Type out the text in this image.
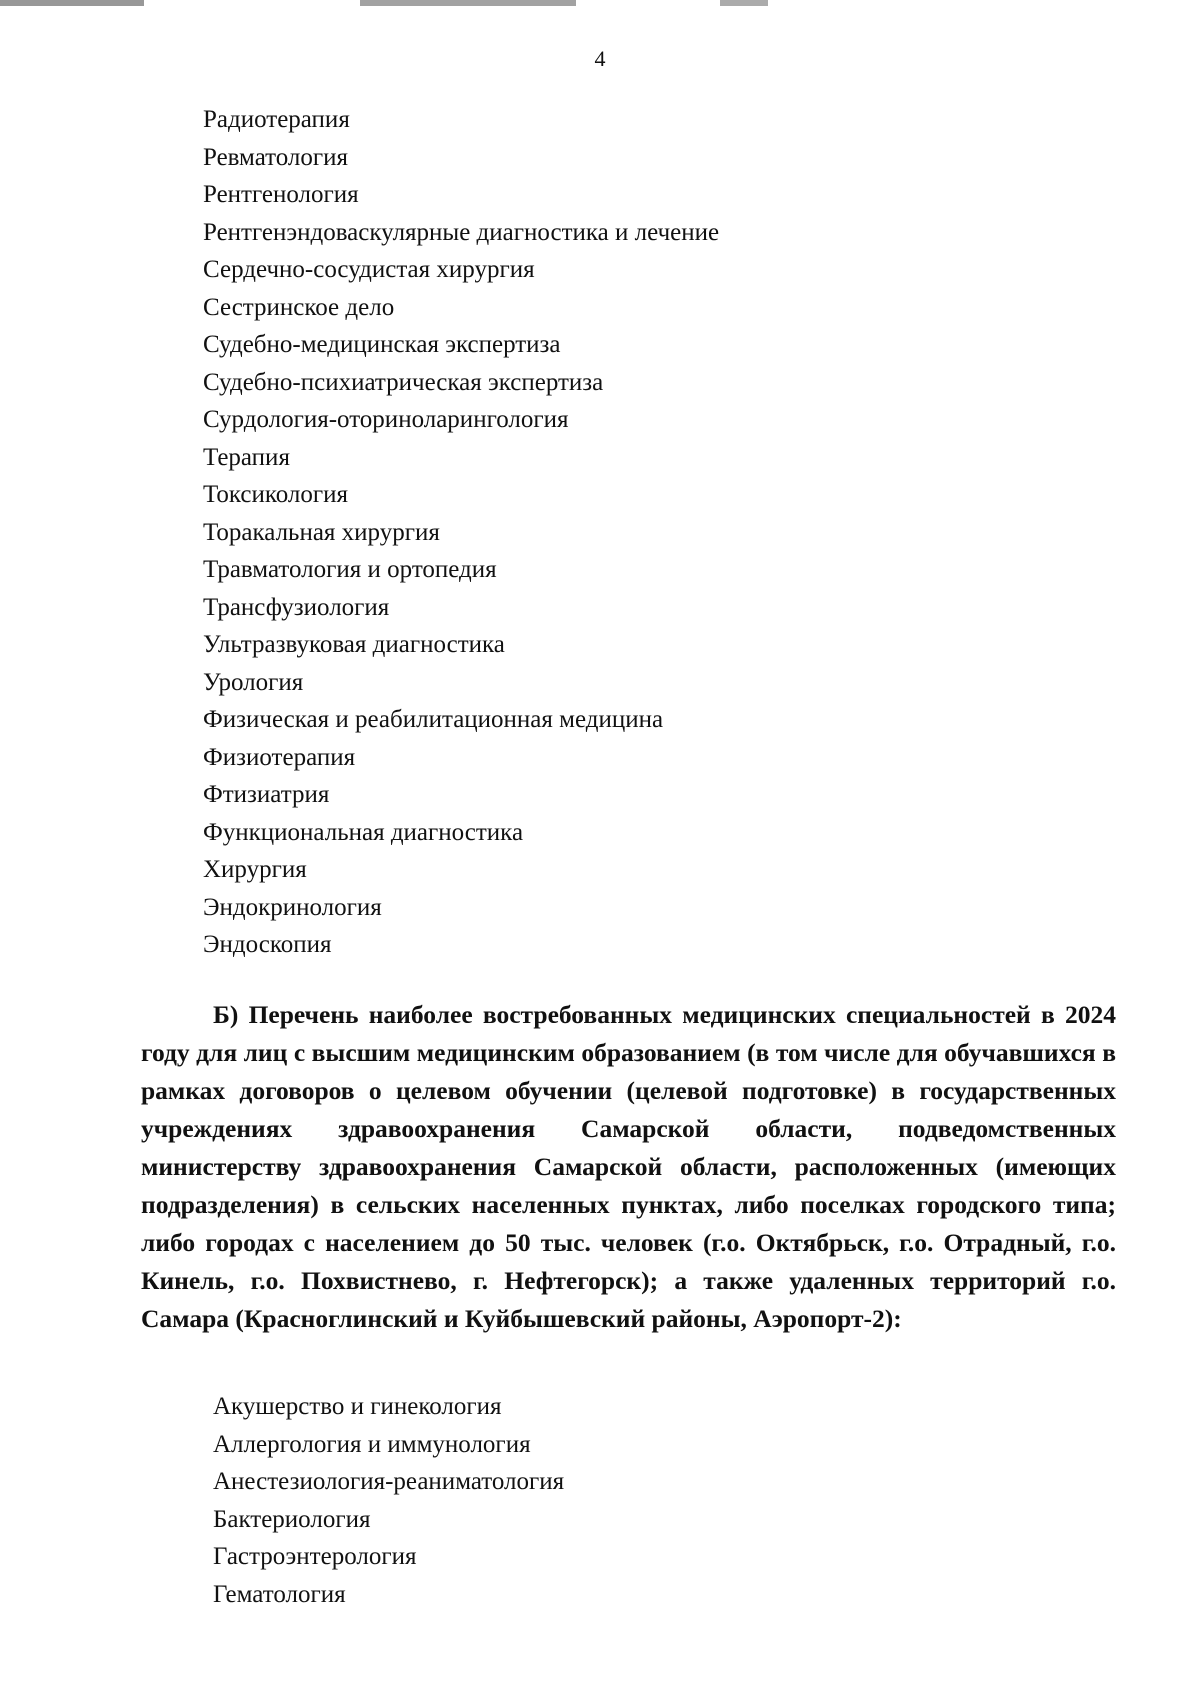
4
Радиотерапия
Ревматология
Рентгенология
Рентгенэндоваскулярные диагностика и лечение
Сердечно-сосудистая хирургия
Сестринское дело
Судебно-медицинская экспертиза
Судебно-психиатрическая экспертиза
Сурдология-оториноларингология
Терапия
Токсикология
Торакальная хирургия
Травматология и ортопедия
Трансфузиология
Ультразвуковая диагностика
Урология
Физическая и реабилитационная медицина
Физиотерапия
Фтизиатрия
Функциональная диагностика
Хирургия
Эндокринология
Эндоскопия

Б) Перечень наиболее востребованных медицинских специальностей в 2024 году для лиц с высшим медицинским образованием (в том числе для обучавшихся в рамках договоров о целевом обучении (целевой подготовке) в государственных учреждениях здравоохранения Самарской области, подведомственных министерству здравоохранения Самарской области, расположенных (имеющих подразделения) в сельских населенных пунктах, либо поселках городского типа; либо городах с населением до 50 тыс. человек (г.о. Октябрьск, г.о. Отрадный, г.о. Кинель, г.о. Похвистнево, г. Нефтегорск); а также удаленных территорий г.о. Самара (Красноглинский и Куйбышевский районы, Аэропорт-2):

Акушерство и гинекология
Аллергология и иммунология
Анестезиология-реаниматология
Бактериология
Гастроэнтерология
Гематология
